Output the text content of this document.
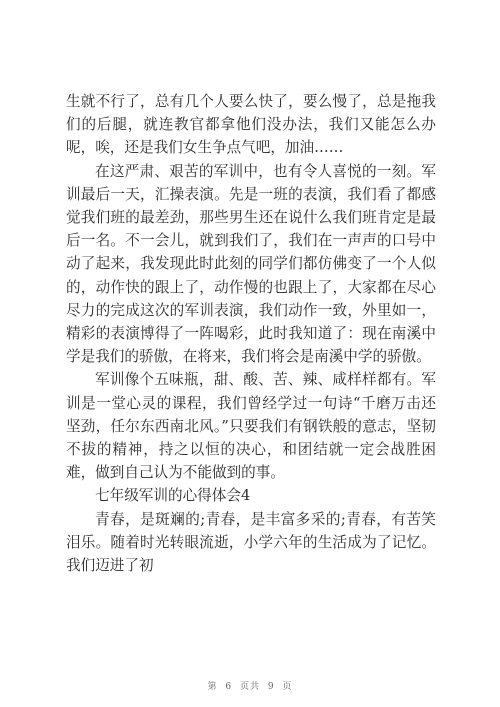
生就不行了，总有几个人要么快了，要么慢了，总是拖我们的后腿，就连教官都拿他们没办法，我们又能怎么办呢，唉，还是我们女生争点气吧，加油……

在这严肃、艰苦的军训中，也有令人喜悦的一刻。军训最后一天，汇操表演。先是一班的表演，我们看了都感觉我们班的最差劲，那些男生还在说什么我们班肯定是最后一名。不一会儿，就到我们了，我们在一声声的口号中动了起来，我发现此时此刻的同学们都仿佛变了一个人似的，动作快的跟上了，动作慢的也跟上了，大家都在尽心尽力的完成这次的军训表演，我们动作一致，外里如一，精彩的表演博得了一阵喝彩，此时我知道了：现在南溪中学是我们的骄傲，在将来，我们将会是南溪中学的骄傲。

军训像个五味瓶，甜、酸、苦、辣、咸样样都有。军训是一堂心灵的课程，我们曾经学过一句诗“千磨万击还坚劲，任尔东西南北风。”只要我们有钢铁般的意志，坚韧不拔的精神，持之以恒的决心，和团结就一定会战胜困难，做到自己认为不能做到的事。

七年级军训的心得体会4

青春，是斑斓的;青春，是丰富多采的;青春，有苦笑泪乐。随着时光转眼流逝，小学六年的生活成为了记忆。我们迈进了初

第 6 页共 9 页
